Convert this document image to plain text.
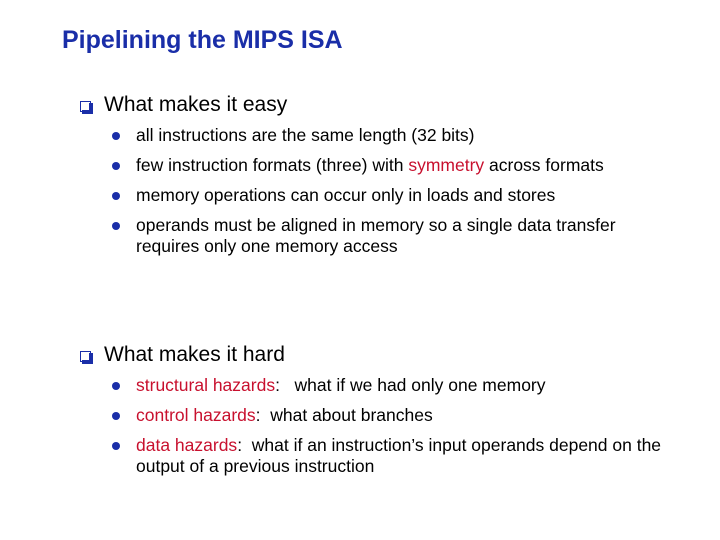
Pipelining the MIPS ISA
What makes it easy
all instructions are the same length (32 bits)
few instruction formats (three) with symmetry across formats
memory operations can occur only in loads and stores
operands must be aligned in memory so a single data transfer requires only one memory access
What makes it hard
structural hazards:   what if we had only one memory
control hazards:  what about branches
data hazards:  what if an instruction’s input operands depend on the output of a previous instruction
